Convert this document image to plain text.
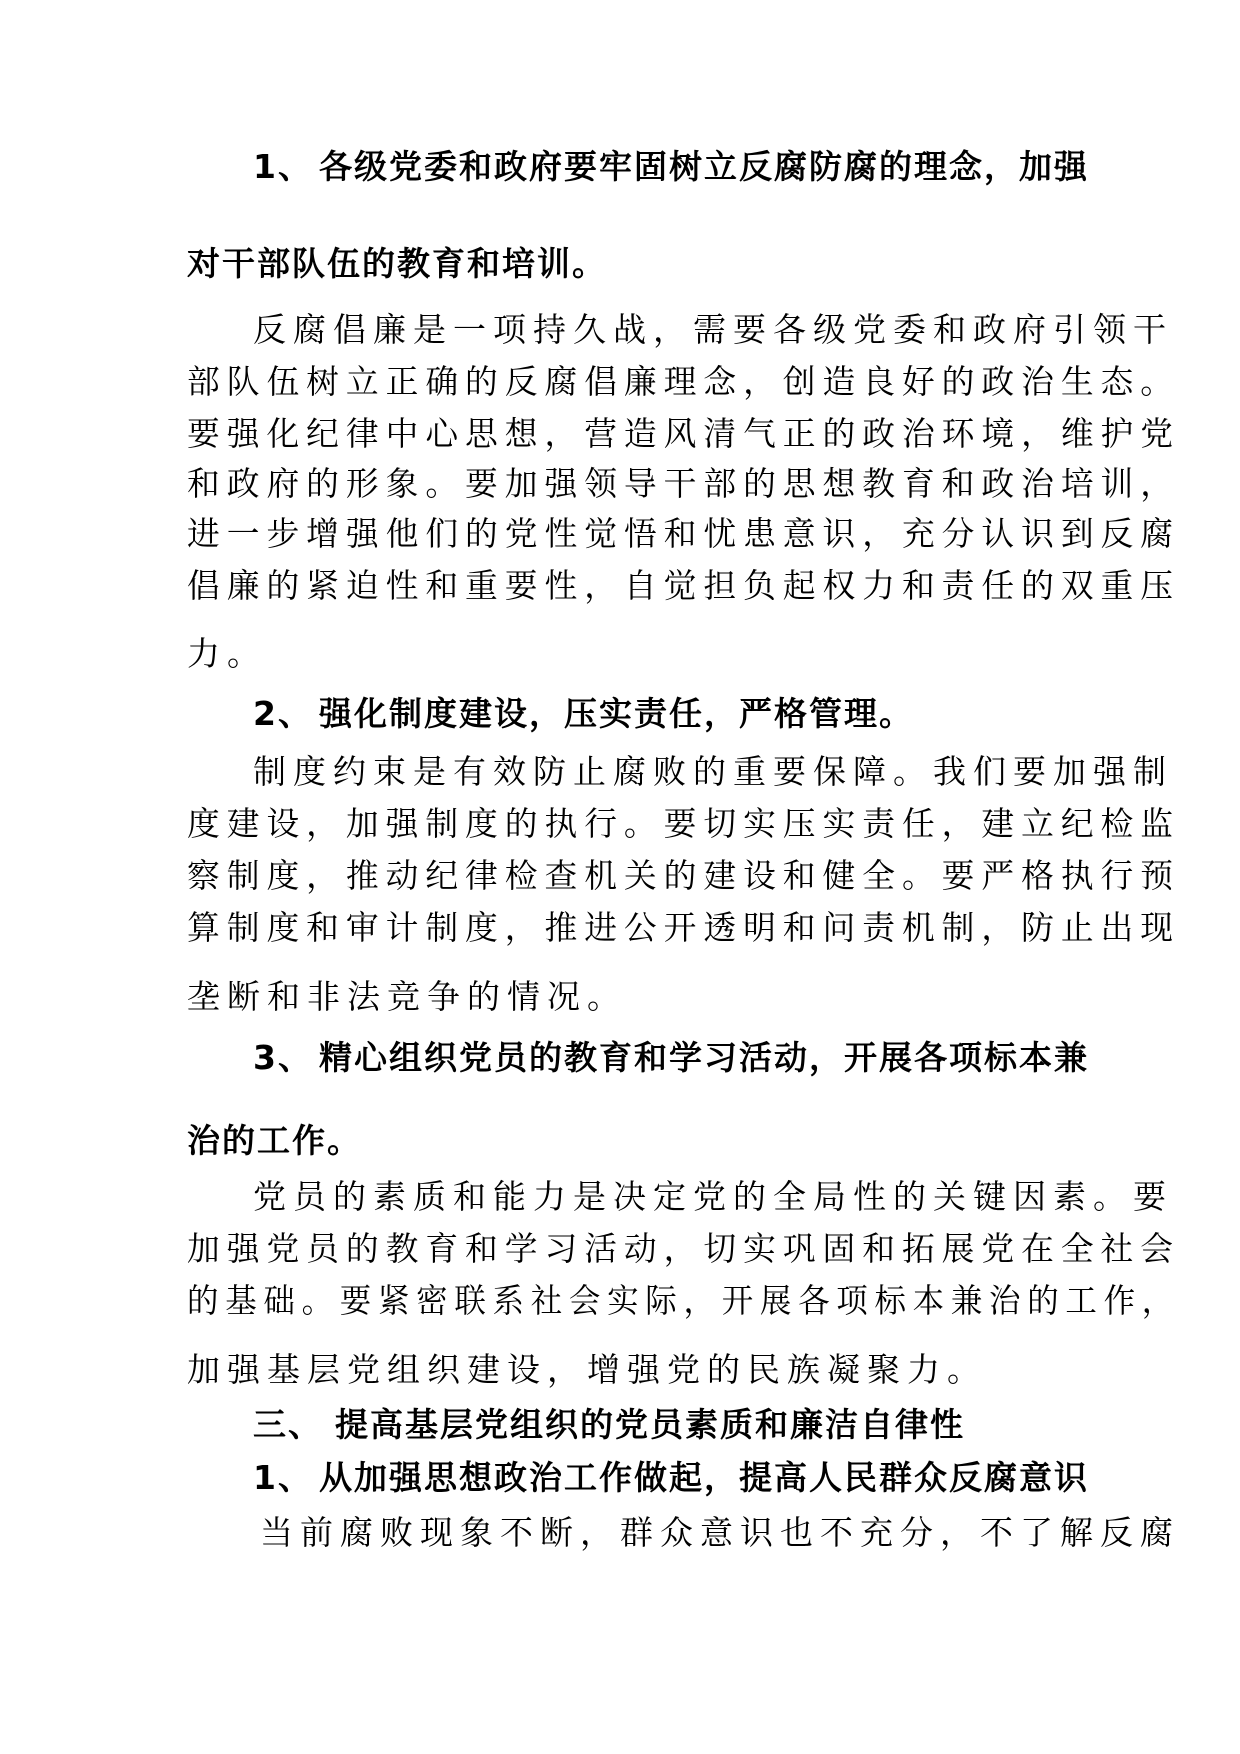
1、 各级党委和政府要牢固树立反腐防腐的理念，加强
对干部队伍的教育和培训。
反腐倡廉是一项持久战，需要各级党委和政府引领干
部队伍树立正确的反腐倡廉理念，创造良好的政治生态。
要强化纪律中心思想，营造风清气正的政治环境，维护党
和政府的形象。要加强领导干部的思想教育和政治培训，
进一步增强他们的党性觉悟和忧患意识，充分认识到反腐
倡廉的紧迫性和重要性，自觉担负起权力和责任的双重压
力。
2、 强化制度建设，压实责任，严格管理。
制度约束是有效防止腐败的重要保障。我们要加强制
度建设，加强制度的执行。要切实压实责任，建立纪检监
察制度，推动纪律检查机关的建设和健全。要严格执行预
算制度和审计制度，推进公开透明和问责机制，防止出现
垄断和非法竞争的情况。
3、 精心组织党员的教育和学习活动，开展各项标本兼
治的工作。
党员的素质和能力是决定党的全局性的关键因素。要
加强党员的教育和学习活动，切实巩固和拓展党在全社会
的基础。要紧密联系社会实际，开展各项标本兼治的工作，
加强基层党组织建设，增强党的民族凝聚力。
三、 提高基层党组织的党员素质和廉洁自律性
1、 从加强思想政治工作做起，提高人民群众反腐意识
当前腐败现象不断，群众意识也不充分，不了解反腐
